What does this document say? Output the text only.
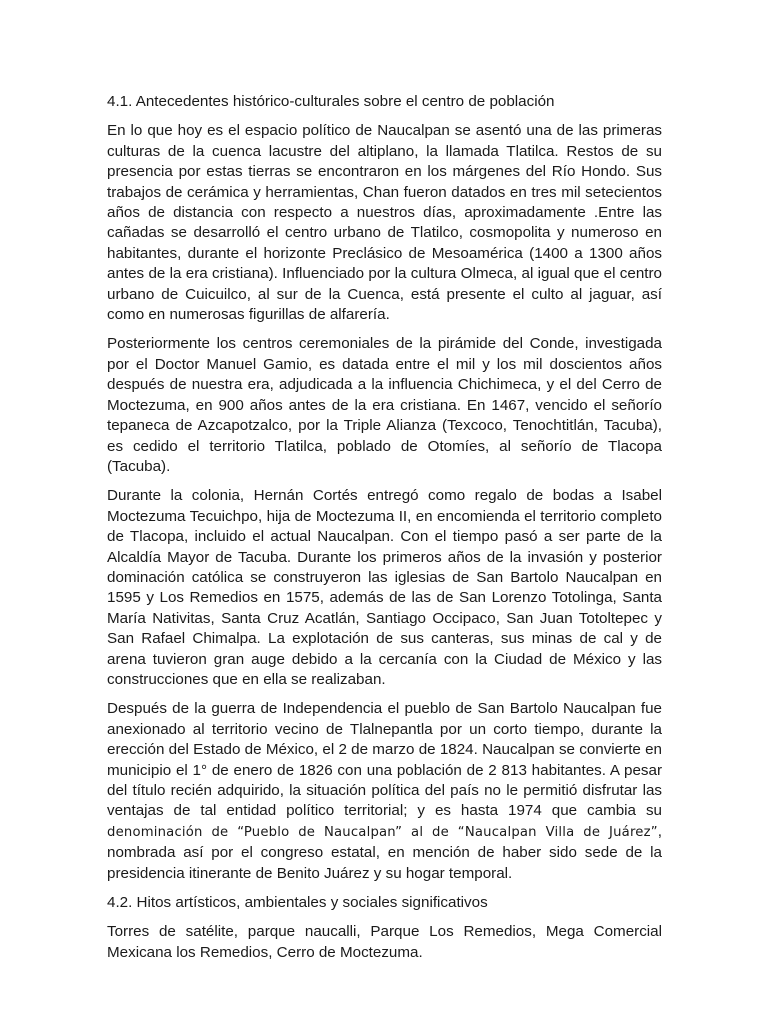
4.1. Antecedentes histórico-culturales sobre el centro de población

En lo que hoy es el espacio político de Naucalpan se asentó una de las primeras culturas de la cuenca lacustre del altiplano, la llamada Tlatilca. Restos de su presencia por estas tierras se encontraron en los márgenes del Río Hondo. Sus trabajos de cerámica y herramientas, Chan fueron datados en tres mil setecientos años de distancia con respecto a nuestros días, aproximadamente .Entre las cañadas se desarrolló el centro urbano de Tlatilco, cosmopolita y numeroso en habitantes, durante el horizonte Preclásico de Mesoamérica (1400 a 1300 años antes de la era cristiana). Influenciado por la cultura Olmeca, al igual que el centro urbano de Cuicuilco, al sur de la Cuenca, está presente el culto al jaguar, así como en numerosas figurillas de alfarería.

Posteriormente los centros ceremoniales de la pirámide del Conde, investigada por el Doctor Manuel Gamio, es datada entre el mil y los mil doscientos años después de nuestra era, adjudicada a la influencia Chichimeca, y el del Cerro de Moctezuma, en 900 años antes de la era cristiana. En 1467, vencido el señorío tepaneca de Azcapotzalco, por la Triple Alianza (Texcoco, Tenochtitlán, Tacuba), es cedido el territorio Tlatilca, poblado de Otomíes, al señorío de Tlacopa (Tacuba).

Durante la colonia, Hernán Cortés entregó como regalo de bodas a Isabel Moctezuma Tecuichpo, hija de Moctezuma II, en encomienda el territorio completo de Tlacopa, incluido el actual Naucalpan. Con el tiempo pasó a ser parte de la Alcaldía Mayor de Tacuba. Durante los primeros años de la invasión y posterior dominación católica se construyeron las iglesias de San Bartolo Naucalpan en 1595 y Los Remedios en 1575, además de las de San Lorenzo Totolinga, Santa María Nativitas, Santa Cruz Acatlán, Santiago Occipaco, San Juan Totoltepec y San Rafael Chimalpa. La explotación de sus canteras, sus minas de cal y de arena tuvieron gran auge debido a la cercanía con la Ciudad de México y las construcciones que en ella se realizaban.

Después de la guerra de Independencia el pueblo de San Bartolo Naucalpan fue anexionado al territorio vecino de Tlalnepantla por un corto tiempo, durante la erección del Estado de México, el 2 de marzo de 1824. Naucalpan se convierte en municipio el 1° de enero de 1826 con una población de 2 813 habitantes. A pesar del título recién adquirido, la situación política del país no le permitió disfrutar las ventajas de tal entidad político territorial; y es hasta 1974 que cambia su denominación de “Pueblo de Naucalpan” al de “Naucalpan Villa de Juárez”, nombrada así por el congreso estatal, en mención de haber sido sede de la presidencia itinerante de Benito Juárez y su hogar temporal.

4.2. Hitos artísticos, ambientales y sociales significativos

Torres de satélite, parque naucalli, Parque Los Remedios, Mega Comercial Mexicana los Remedios, Cerro de Moctezuma.
